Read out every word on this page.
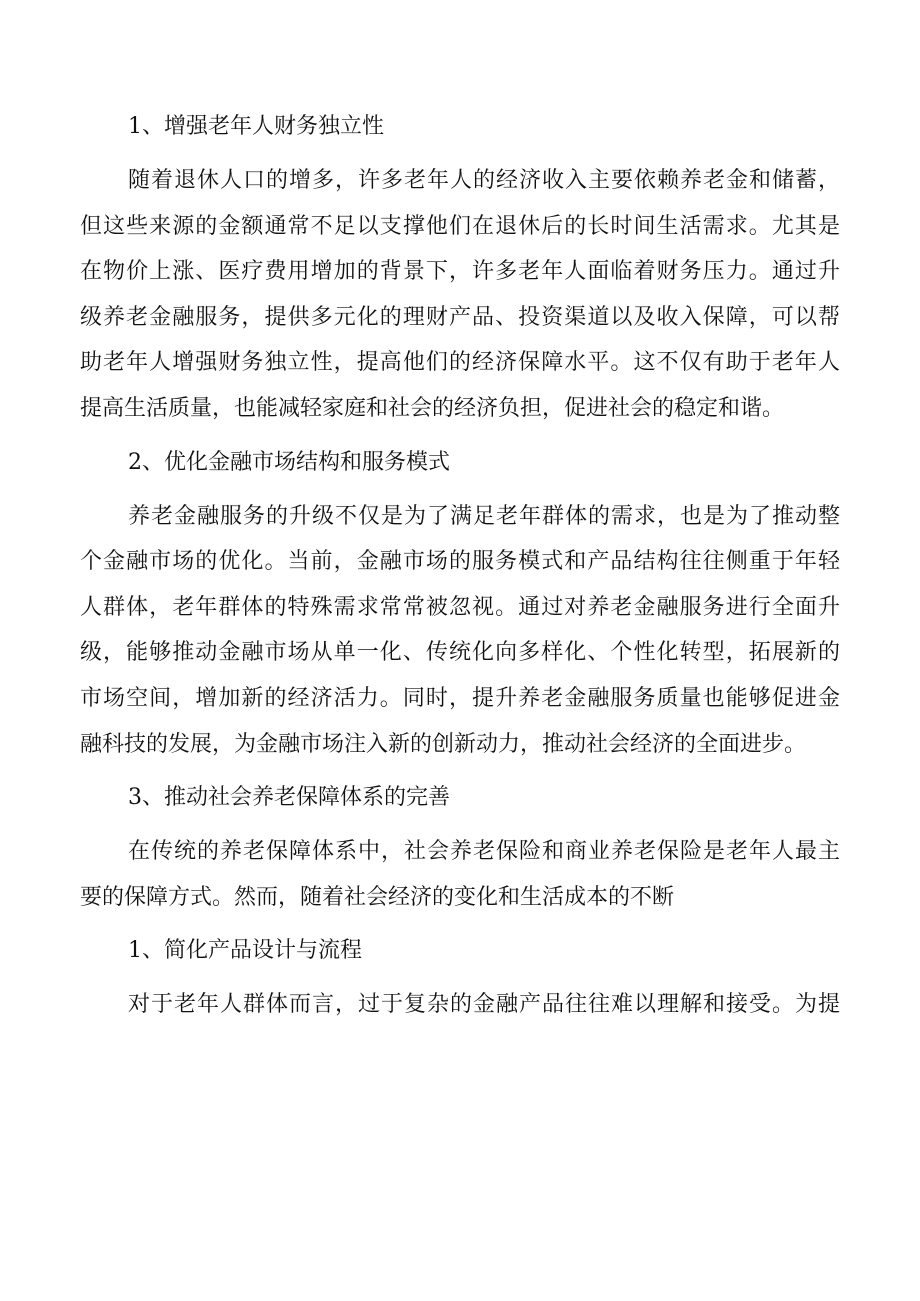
1、增强老年人财务独立性
随着退休人口的增多，许多老年人的经济收入主要依赖养老金和储蓄，
但这些来源的金额通常不足以支撑他们在退休后的长时间生活需求。尤其是
在物价上涨、医疗费用增加的背景下，许多老年人面临着财务压力。通过升
级养老金融服务，提供多元化的理财产品、投资渠道以及收入保障，可以帮
助老年人增强财务独立性，提高他们的经济保障水平。这不仅有助于老年人
提高生活质量，也能减轻家庭和社会的经济负担，促进社会的稳定和谐。
2、优化金融市场结构和服务模式
养老金融服务的升级不仅是为了满足老年群体的需求，也是为了推动整
个金融市场的优化。当前，金融市场的服务模式和产品结构往往侧重于年轻
人群体，老年群体的特殊需求常常被忽视。通过对养老金融服务进行全面升
级，能够推动金融市场从单一化、传统化向多样化、个性化转型，拓展新的
市场空间，增加新的经济活力。同时，提升养老金融服务质量也能够促进金
融科技的发展，为金融市场注入新的创新动力，推动社会经济的全面进步。
3、推动社会养老保障体系的完善
在传统的养老保障体系中，社会养老保险和商业养老保险是老年人最主
要的保障方式。然而，随着社会经济的变化和生活成本的不断
1、简化产品设计与流程
对于老年人群体而言，过于复杂的金融产品往往难以理解和接受。为提
